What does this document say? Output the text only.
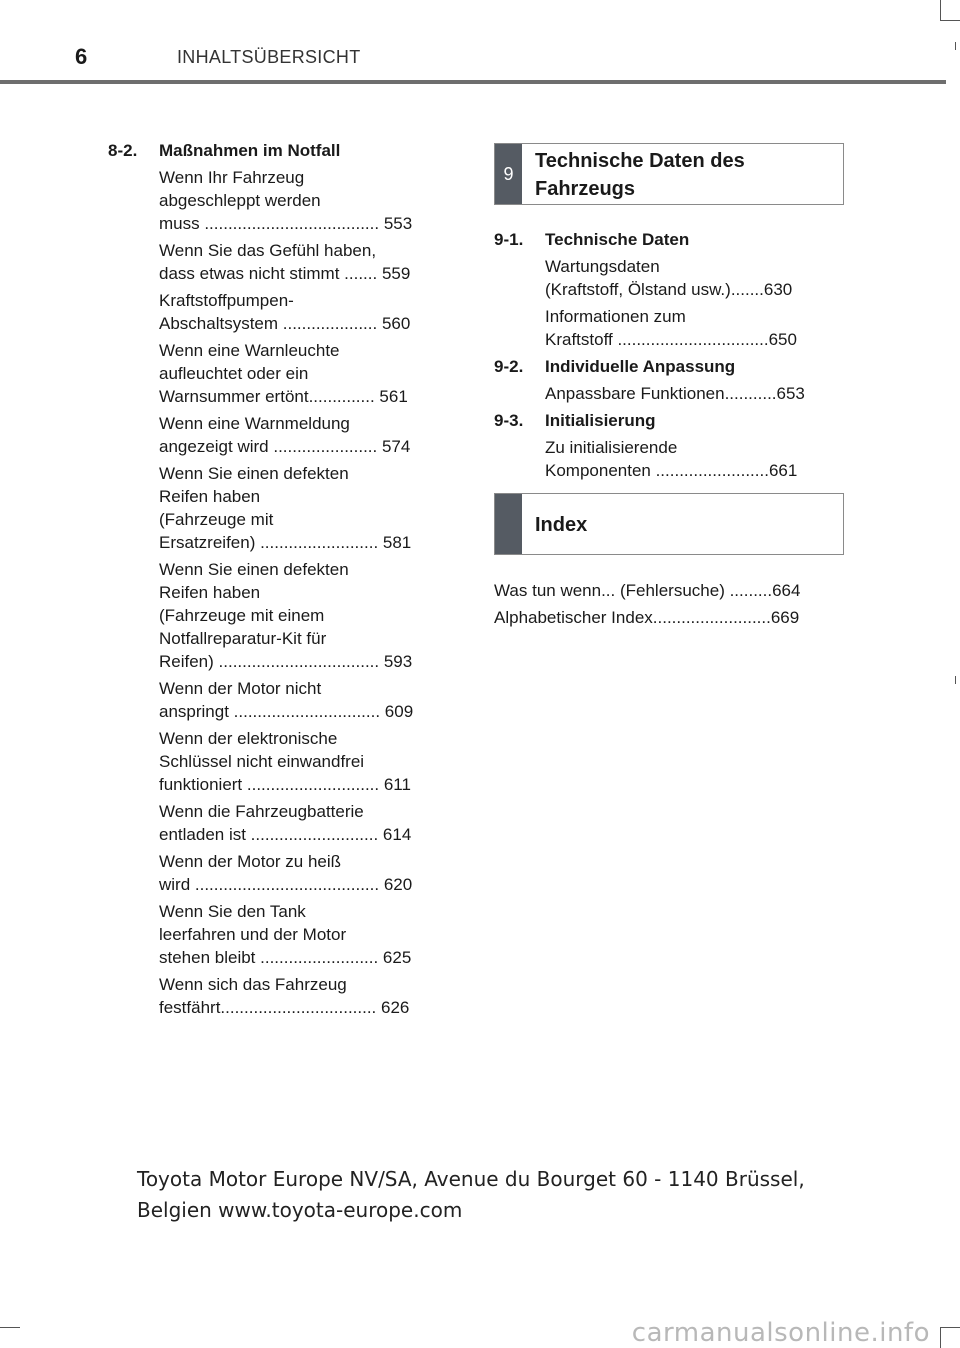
6	INHALTSÜBERSICHT
8-2.	Maßnahmen im Notfall
Wenn Ihr Fahrzeug
abgeschleppt werden
muss ..................................... 553
Wenn Sie das Gefühl haben,
dass etwas nicht stimmt ....... 559
Kraftstoffpumpen-
Abschaltsystem .................... 560
Wenn eine Warnleuchte
aufleuchtet oder ein
Warnsummer ertönt.............. 561
Wenn eine Warnmeldung
angezeigt wird ...................... 574
Wenn Sie einen defekten
Reifen haben
(Fahrzeuge mit
Ersatzreifen) ......................... 581
Wenn Sie einen defekten
Reifen haben
(Fahrzeuge mit einem
Notfallreparatur-Kit für
Reifen) .................................. 593
Wenn der Motor nicht
anspringt ............................... 609
Wenn der elektronische
Schlüssel nicht einwandfrei
funktioniert ............................ 611
Wenn die Fahrzeugbatterie
entladen ist ........................... 614
Wenn der Motor zu heiß
wird ....................................... 620
Wenn Sie den Tank
leerfahren und der Motor
stehen bleibt ......................... 625
Wenn sich das Fahrzeug
festfährt................................. 626
9
Technische Daten des
Fahrzeugs
9-1.	Technische Daten
Wartungsdaten
(Kraftstoff, Ölstand usw.).......630
Informationen zum
Kraftstoff ................................650
9-2.	Individuelle Anpassung
Anpassbare Funktionen...........653
9-3.	Initialisierung
Zu initialisierende
Komponenten ........................661
Index
Was tun wenn... (Fehlersuche) .........664
Alphabetischer Index.........................669
Toyota Motor Europe NV/SA, Avenue du Bourget 60 - 1140 Brüssel,
Belgien www.toyota-europe.com
carmanualsonline.info
